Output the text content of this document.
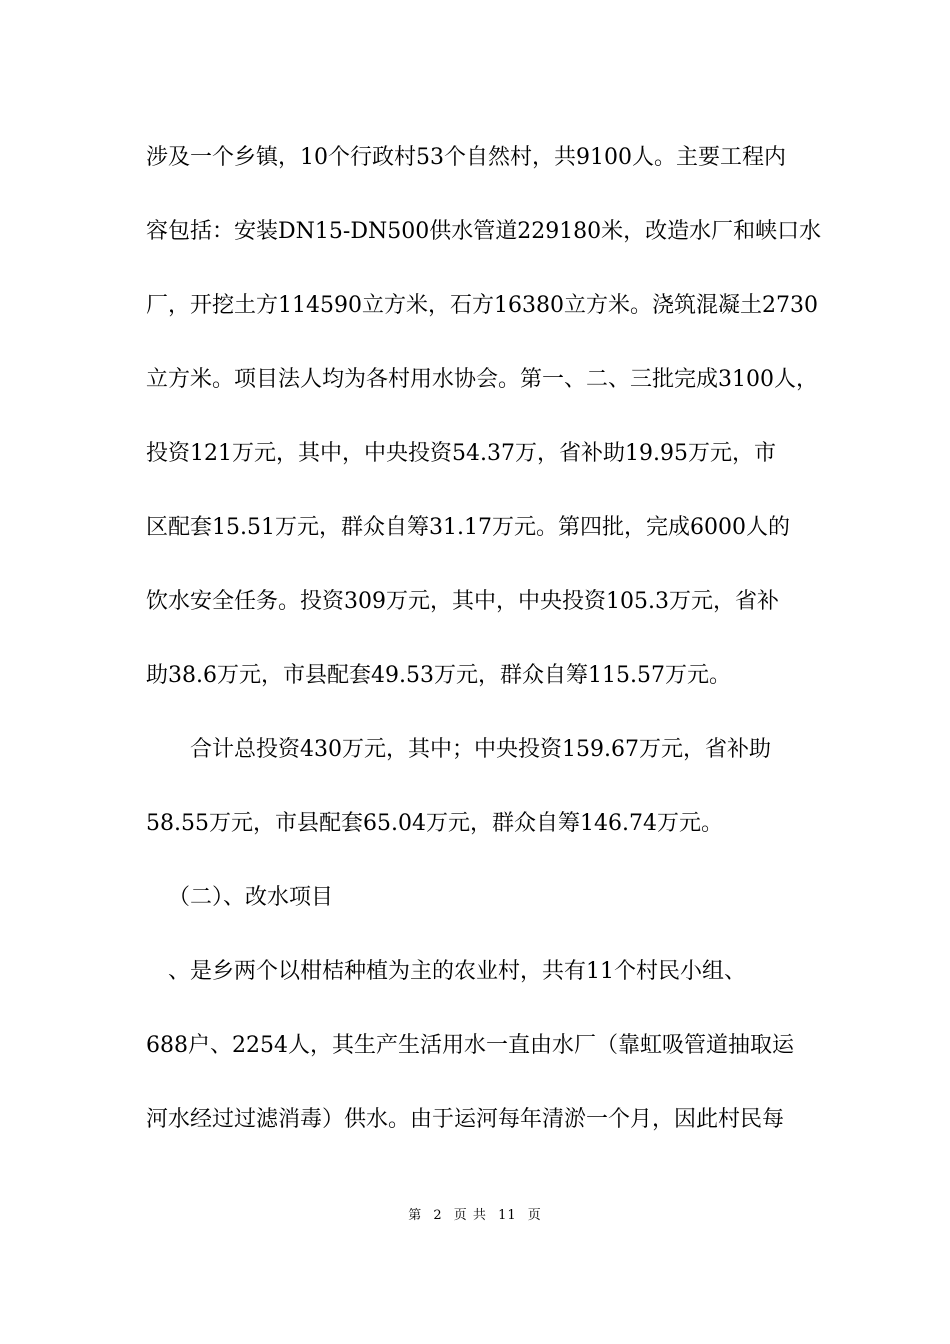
涉及一个乡镇，10个行政村53个自然村，共9100人。主要工程内
容包括：安装DN15-DN500供水管道229180米，改造水厂和峡口水
厂，开挖土方114590立方米，石方16380立方米。浇筑混凝土2730
立方米。项目法人均为各村用水协会。第一、二、三批完成3100人，
投资121万元，其中，中央投资54.37万，省补助19.95万元，市
区配套15.51万元，群众自筹31.17万元。第四批，完成6000人的
饮水安全任务。投资309万元，其中，中央投资105.3万元，省补
助38.6万元，市县配套49.53万元，群众自筹115.57万元。
合计总投资430万元，其中；中央投资159.67万元，省补助
58.55万元，市县配套65.04万元，群众自筹146.74万元。
（二）、改水项目
、是乡两个以柑桔种植为主的农业村，共有11个村民小组、
688户、2254人，其生产生活用水一直由水厂（靠虹吸管道抽取运
河水经过过滤消毒）供水。由于运河每年清淤一个月，因此村民每
第 2 页 共 11 页
